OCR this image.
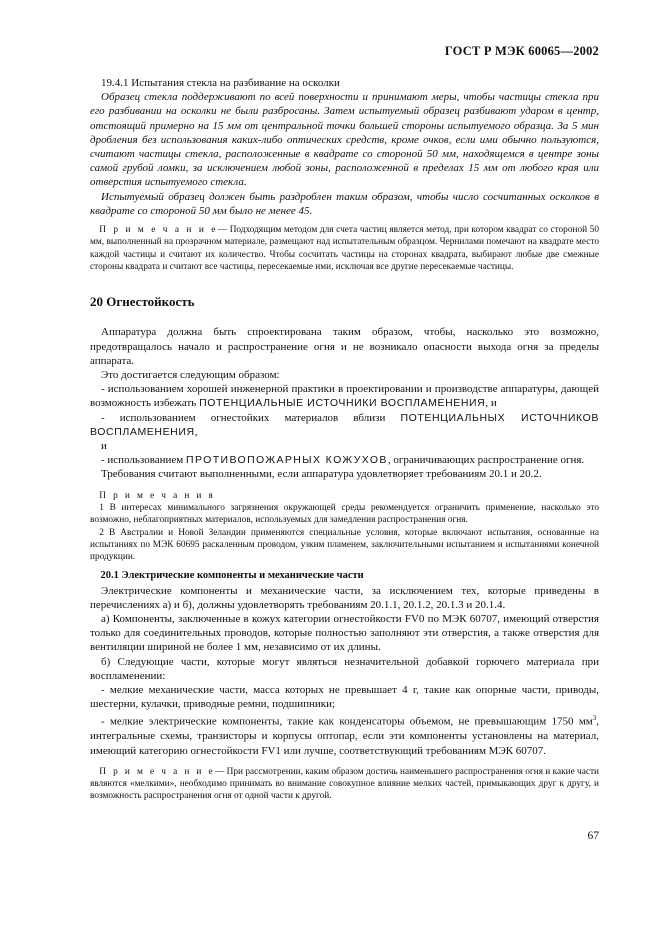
ГОСТ Р МЭК 60065—2002

19.4.1 Испытания стекла на разбивание на осколки

Образец стекла поддерживают по всей поверхности и принимают меры, чтобы частицы стекла при его разбивании на осколки не были разбросаны. Затем испытуемый образец разбивают ударом в центр, отстоящий примерно на 15 мм от центральной точки большей стороны испытуемого образца. За 5 мин дробления без использования каких-либо оптических средств, кроме очков, если ими обычно пользуются, считают частицы стекла, расположенные в квадрате со стороной 50 мм, находящемся в центре зоны самой грубой ломки, за исключением любой зоны, расположенной в пределах 15 мм от любого края или отверстия испытуемого стекла.

Испытуемый образец должен быть раздроблен таким образом, чтобы число сосчитанных осколков в квадрате со стороной 50 мм было не менее 45.

П р и м е ч а н и е— Подходящим методом для счета частиц является метод, при котором квадрат со стороной 50 мм, выполненный на прозрачном материале, размещают над испытательным образцом. Чернилами помечают на квадрате место каждой частицы и считают их количество. Чтобы сосчитать частицы на сторонах квадрата, выбирают любые две смежные стороны квадрата и считают все частицы, пересекаемые ими, исключая все другие пересекаемые частицы.

20 Огнестойкость

Аппаратура должна быть спроектирована таким образом, чтобы, насколько это возможно, предотвращалось начало и распространение огня и не возникало опасности выхода огня за пределы аппарата.

Это достигается следующим образом:

- использованием хорошей инженерной практики в проектировании и производстве аппаратуры, дающей возможность избежать ПОТЕНЦИАЛЬНЫЕ ИСТОЧНИКИ ВОСПЛАМЕНЕНИЯ, и

- использованием огнестойких материалов вблизи ПОТЕНЦИАЛЬНЫХ ИСТОЧНИКОВ ВОСПЛАМЕНЕНИЯ,

и

- использованием ПРОТИВОПОЖАРНЫХ КОЖУХОВ, ограничивающих распространение огня.

Требования считают выполненными, если аппаратура удовлетворяет требованиям 20.1 и 20.2.

П р и м е ч а н и я

1 В интересах минимального загрязнения окружающей среды рекомендуется ограничить применение, насколько это возможно, неблагоприятных материалов, используемых для замедления распространения огня.

2 В Австралии и Новой Зеландии применяются специальные условия, которые включают испытания, основанные на испытаниях по МЭК 60695 раскаленным проводом, узким пламенем, заключительными испытанием и испытаниями конечной продукции.

20.1 Электрические компоненты и механические части

Электрические компоненты и механические части, за исключением тех, которые приведены в перечислениях а) и б), должны удовлетворять требованиям 20.1.1, 20.1.2, 20.1.3 и 20.1.4.

а) Компоненты, заключенные в кожух категории огнестойкости FV0 по МЭК 60707, имеющий отверстия только для соединительных проводов, которые полностью заполняют эти отверстия, а также отверстия для вентиляции шириной не более 1 мм, независимо от их длины.

б) Следующие части, которые могут являться незначительной добавкой горючего материала при воспламенении:

- мелкие механические части, масса которых не превышает 4 г, такие как опорные части, приводы, шестерни, кулачки, приводные ремни, подшипники;

- мелкие электрические компоненты, такие как конденсаторы объемом, не превышающим 1750 $мм^3$, интегральные схемы, транзисторы и корпусы оптопар, если эти компоненты установлены на материал, имеющий категорию огнестойкости FV1 или лучше, соответствующий требованиям МЭК 60707.

П р и м е ч а н и е— При рассмотрении, каким образом достичь наименьшего распространения огня и какие части являются «мелкими», необходимо принимать во внимание совокупное влияние мелких частей, примыкающих друг к другу, и возможность распространения огня от одной части к другой.

67
